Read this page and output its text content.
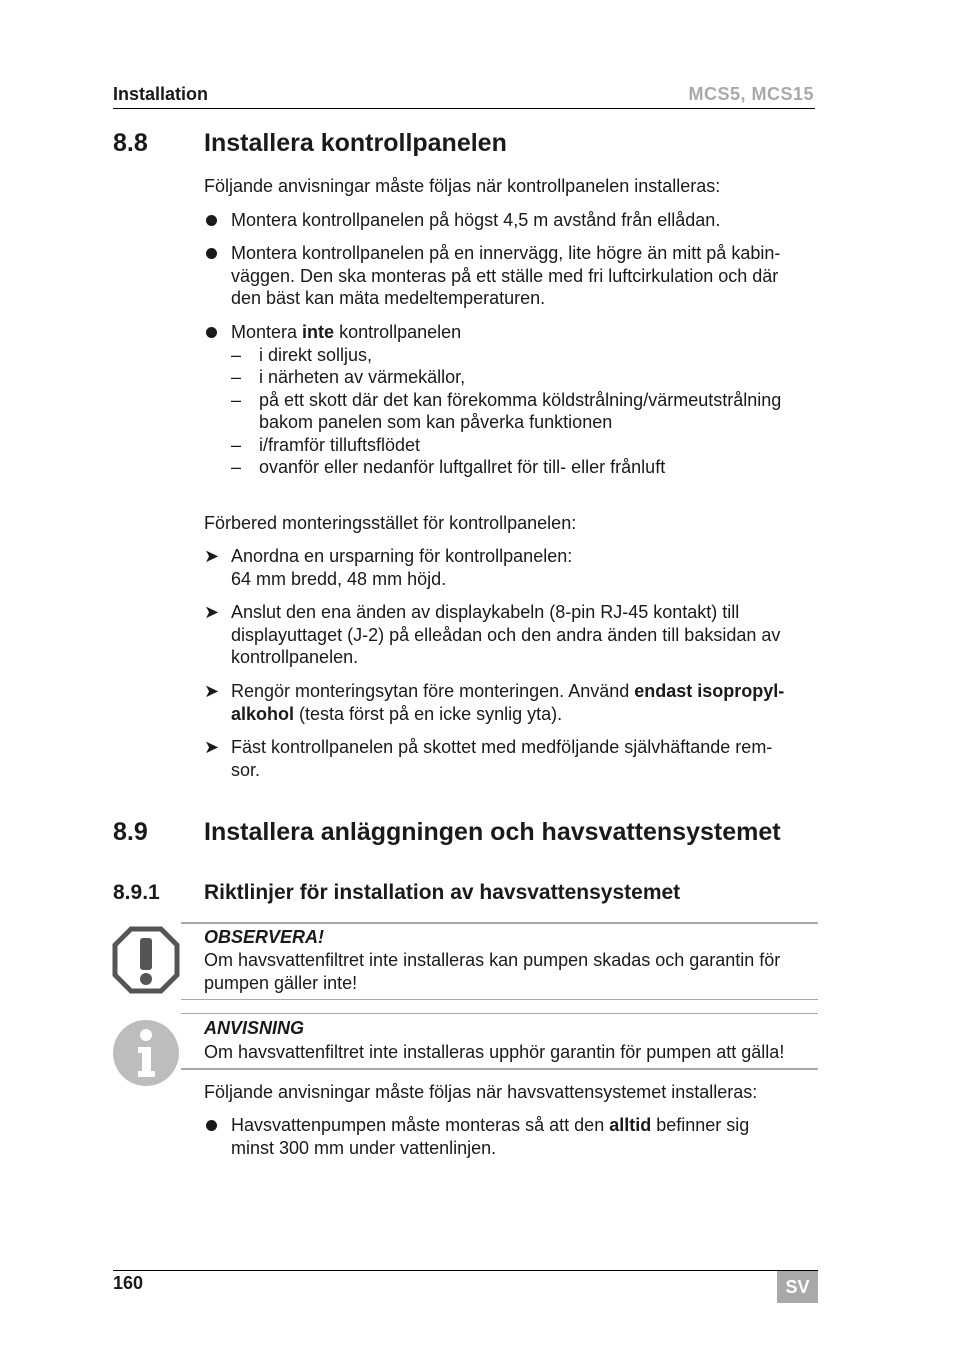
Installation	MCS5, MCS15
8.8 Installera kontrollpanelen
Följande anvisningar måste följas när kontrollpanelen installeras:
Montera kontrollpanelen på högst 4,5 m avstånd från ellådan.
Montera kontrollpanelen på en innervägg, lite högre än mitt på kabin-
väggen. Den ska monteras på ett ställe med fri luftcirkulation och där
den bäst kan mäta medeltemperaturen.
Montera inte kontrollpanelen
– i direkt solljus,
– i närheten av värmekällor,
– på ett skott där det kan förekomma köldstrålning/värmeutstrålning
bakom panelen som kan påverka funktionen
– i/framför tilluftsflödet
– ovanför eller nedanför luftgallret för till- eller frånluft
Förbered monteringsstället för kontrollpanelen:
➤ Anordna en ursparning för kontrollpanelen:
64 mm bredd, 48 mm höjd.
➤ Anslut den ena änden av displaykabeln (8-pin RJ-45 kontakt) till
displayuttaget (J-2) på elleådan och den andra änden till baksidan av
kontrollpanelen.
➤ Rengör monteringsytan före monteringen. Använd endast isopropyl-
alkohol (testa först på en icke synlig yta).
➤ Fäst kontrollpanelen på skottet med medföljande självhäftande rem-
sor.
8.9 Installera anläggningen och havsvattensystemet
8.9.1 Riktlinjer för installation av havsvattensystemet
OBSERVERA!
Om havsvattenfiltret inte installeras kan pumpen skadas och garantin för
pumpen gäller inte!
ANVISNING
Om havsvattenfiltret inte installeras upphör garantin för pumpen att gälla!
Följande anvisningar måste följas när havsvattensystemet installeras:
Havsvattenpumpen måste monteras så att den alltid befinner sig
minst 300 mm under vattenlinjen.
160	SV
